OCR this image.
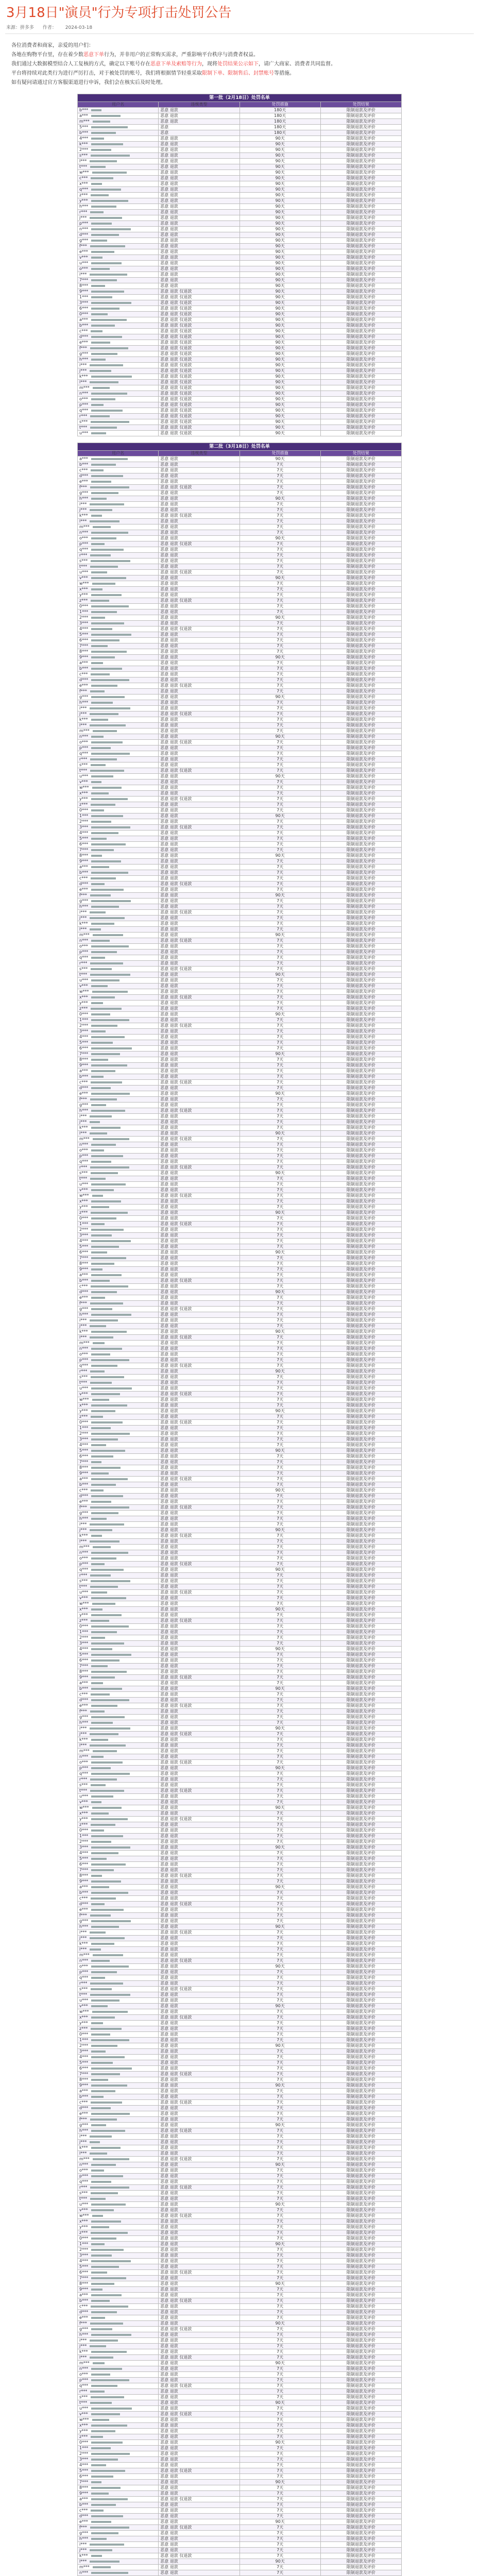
3月18日"演员"行为专项打击处罚公告
来源：拼多多 作者： 2024-03-18

各位消费者和商家，亲爱的用户们：

各地在购物平台里，存在着少数恶意下单行为，并非用户的正常购买需求，严重影响平台秩序与消费者权益。

我们通过大数据模型结合人工复核的方式，确定以下账号存在恶意下单及索赔等行为，现将处罚结果公示如下，请广大商家、消费者共同监督。

平台将持续对此类行为进行严厉打击，对于被处罚的账号，我们将根据情节轻重采取限制下单、限制售后、封禁账号等措施。

如有疑问请通过官方客服渠道进行申诉，我们会在核实后及时处理。

第一批（2月18日）处罚名单			
用户名	违规类型	处罚措施	处罚结果
b***	恶意 退款	180天	限制退款及评价
a***	恶意 退款	180天	限制退款及评价
m***	恶意 退款	180天	限制退款及评价
5***	恶意	180天	限制退款及评价
b***	恶意	180天	限制退款及评价
4***	恶意 退款	90天	限制退款及评价
k***	恶意 退款	90天	限制退款及评价
2***	恶意 退款	90天	限制退款及评价
s***	恶意 退款	90天	限制退款及评价
l***	恶意 退款	90天	限制退款及评价
t***	恶意 退款	90天	限制退款及评价
w***	恶意 退款	90天	限制退款及评价
c***	恶意 退款	90天	限制退款及评价
x***	恶意 退款	90天	限制退款及评价
q***	恶意 退款	90天	限制退款及评价
z***	恶意 退款	90天	限制退款及评价
y***	恶意 退款	90天	限制退款及评价
h***	恶意 退款	90天	限制退款及评价
r***	恶意 退款	90天	限制退款及评价
j***	恶意 退款	90天	限制退款及评价
p***	恶意 退款	90天	限制退款及评价
n***	恶意 退款	90天	限制退款及评价
d***	恶意 退款	90天	限制退款及评价
g***	恶意 退款	90天	限制退款及评价
f***	恶意 退款	90天	限制退款及评价
e***	恶意 退款	90天	限制退款及评价
v***	恶意 退款	90天	限制退款及评价
u***	恶意 退款	90天	限制退款及评价
o***	恶意 退款	90天	限制退款及评价
i***	恶意 退款	90天	限制退款及评价
7***	恶意 退款	90天	限制退款及评价
8***	恶意 退款	90天	限制退款及评价
9***	恶意 退款 仅退款	90天	限制退款及评价
1***	恶意 退款 仅退款	90天	限制退款及评价
3***	恶意 退款 仅退款	90天	限制退款及评价
6***	恶意 退款 仅退款	90天	限制退款及评价
0***	恶意 退款 仅退款	90天	限制退款及评价
a***	恶意 退款 仅退款	90天	限制退款及评价
b***	恶意 退款 仅退款	90天	限制退款及评价
c***	恶意 退款 仅退款	90天	限制退款及评价
d***	恶意 退款 仅退款	90天	限制退款及评价
e***	恶意 退款 仅退款	90天	限制退款及评价
f***	恶意 退款 仅退款	90天	限制退款及评价
g***	恶意 退款 仅退款	90天	限制退款及评价
h***	恶意 退款 仅退款	90天	限制退款及评价
i***	恶意 退款 仅退款	90天	限制退款及评价
j***	恶意 退款 仅退款	90天	限制退款及评价
k***	恶意 退款 仅退款	90天	限制退款及评价
l***	恶意 退款 仅退款	90天	限制退款及评价
m***	恶意 退款 仅退款	90天	限制退款及评价
n***	恶意 退款 仅退款	90天	限制退款及评价
o***	恶意 退款 仅退款	90天	限制退款及评价
p***	恶意 退款 仅退款	90天	限制退款及评价
q***	恶意 退款 仅退款	90天	限制退款及评价
r***	恶意 退款 仅退款	90天	限制退款及评价
s***	恶意 退款 仅退款	90天	限制退款及评价
t***	恶意 退款 仅退款	90天	限制退款及评价
u***	恶意 退款 仅退款	90天	限制退款及评价
第二批（3月18日）处罚名单			
用户名	违规类型	处罚措施	处罚结果
a***	恶意 退款	90天	限制退款及评价
b***	恶意 退款	7天	限制退款及评价
c***	恶意 退款	7天	限制退款及评价
d***	恶意 退款	7天	限制退款及评价
e***	恶意 退款	7天	限制退款及评价
f***	恶意 退款 仅退款	7天	限制退款及评价
g***	恶意 退款	7天	限制退款及评价
h***	恶意 退款	90天	限制退款及评价
i***	恶意 退款	7天	限制退款及评价
j***	恶意 退款	7天	限制退款及评价
k***	恶意 退款 仅退款	7天	限制退款及评价
l***	恶意 退款	7天	限制退款及评价
m***	恶意 退款	7天	限制退款及评价
n***	恶意 退款	7天	限制退款及评价
o***	恶意 退款	90天	限制退款及评价
p***	恶意 退款 仅退款	7天	限制退款及评价
q***	恶意 退款	7天	限制退款及评价
r***	恶意 退款	7天	限制退款及评价
s***	恶意 退款	7天	限制退款及评价
t***	恶意 退款	7天	限制退款及评价
u***	恶意 退款 仅退款	7天	限制退款及评价
v***	恶意 退款	90天	限制退款及评价
w***	恶意 退款	7天	限制退款及评价
x***	恶意 退款	7天	限制退款及评价
y***	恶意 退款	7天	限制退款及评价
z***	恶意 退款 仅退款	7天	限制退款及评价
0***	恶意 退款	7天	限制退款及评价
1***	恶意 退款	7天	限制退款及评价
2***	恶意 退款	90天	限制退款及评价
3***	恶意 退款	7天	限制退款及评价
4***	恶意 退款 仅退款	7天	限制退款及评价
5***	恶意 退款	7天	限制退款及评价
6***	恶意 退款	7天	限制退款及评价
7***	恶意 退款	7天	限制退款及评价
8***	恶意 退款	7天	限制退款及评价
9***	恶意 退款	90天	限制退款及评价
a***	恶意 退款	7天	限制退款及评价
b***	恶意 退款	7天	限制退款及评价
c***	恶意 退款	7天	限制退款及评价
d***	恶意 退款	7天	限制退款及评价
e***	恶意 退款 仅退款	7天	限制退款及评价
f***	恶意 退款	7天	限制退款及评价
g***	恶意 退款	90天	限制退款及评价
h***	恶意 退款	7天	限制退款及评价
i***	恶意 退款	7天	限制退款及评价
j***	恶意 退款 仅退款	7天	限制退款及评价
k***	恶意 退款	7天	限制退款及评价
l***	恶意 退款	7天	限制退款及评价
m***	恶意 退款	7天	限制退款及评价
n***	恶意 退款	90天	限制退款及评价
o***	恶意 退款 仅退款	7天	限制退款及评价
p***	恶意 退款	7天	限制退款及评价
q***	恶意 退款	7天	限制退款及评价
r***	恶意 退款	7天	限制退款及评价
s***	恶意 退款	7天	限制退款及评价
t***	恶意 退款 仅退款	7天	限制退款及评价
u***	恶意 退款	90天	限制退款及评价
v***	恶意 退款	7天	限制退款及评价
w***	恶意 退款	7天	限制退款及评价
x***	恶意 退款	7天	限制退款及评价
y***	恶意 退款 仅退款	7天	限制退款及评价
z***	恶意 退款	7天	限制退款及评价
0***	恶意 退款	7天	限制退款及评价
1***	恶意 退款	90天	限制退款及评价
2***	恶意 退款	7天	限制退款及评价
3***	恶意 退款 仅退款	7天	限制退款及评价
4***	恶意 退款	7天	限制退款及评价
5***	恶意 退款	7天	限制退款及评价
6***	恶意 退款	7天	限制退款及评价
7***	恶意 退款	7天	限制退款及评价
8***	恶意 退款	90天	限制退款及评价
9***	恶意 退款	7天	限制退款及评价
a***	恶意 退款	7天	限制退款及评价
b***	恶意 退款	7天	限制退款及评价
c***	恶意 退款	7天	限制退款及评价
d***	恶意 退款 仅退款	7天	限制退款及评价
e***	恶意 退款	7天	限制退款及评价
f***	恶意 退款	90天	限制退款及评价
g***	恶意 退款	7天	限制退款及评价
h***	恶意 退款	7天	限制退款及评价
i***	恶意 退款 仅退款	7天	限制退款及评价
j***	恶意 退款	7天	限制退款及评价
k***	恶意 退款	7天	限制退款及评价
l***	恶意 退款	7天	限制退款及评价
m***	恶意 退款	90天	限制退款及评价
n***	恶意 退款 仅退款	7天	限制退款及评价
o***	恶意 退款	7天	限制退款及评价
p***	恶意 退款	7天	限制退款及评价
q***	恶意 退款	7天	限制退款及评价
r***	恶意 退款	7天	限制退款及评价
s***	恶意 退款 仅退款	7天	限制退款及评价
t***	恶意 退款	90天	限制退款及评价
u***	恶意 退款	7天	限制退款及评价
v***	恶意 退款	7天	限制退款及评价
w***	恶意 退款	7天	限制退款及评价
x***	恶意 退款 仅退款	7天	限制退款及评价
y***	恶意 退款	7天	限制退款及评价
z***	恶意 退款	7天	限制退款及评价
0***	恶意 退款	90天	限制退款及评价
1***	恶意 退款	7天	限制退款及评价
2***	恶意 退款 仅退款	7天	限制退款及评价
3***	恶意 退款	7天	限制退款及评价
4***	恶意 退款	7天	限制退款及评价
5***	恶意 退款	7天	限制退款及评价
6***	恶意 退款	7天	限制退款及评价
7***	恶意 退款	90天	限制退款及评价
8***	恶意 退款	7天	限制退款及评价
9***	恶意 退款	7天	限制退款及评价
a***	恶意 退款	7天	限制退款及评价
b***	恶意 退款	7天	限制退款及评价
c***	恶意 退款 仅退款	7天	限制退款及评价
d***	恶意 退款	7天	限制退款及评价
e***	恶意 退款	90天	限制退款及评价
f***	恶意 退款	7天	限制退款及评价
g***	恶意 退款	7天	限制退款及评价
h***	恶意 退款 仅退款	7天	限制退款及评价
i***	恶意 退款	7天	限制退款及评价
j***	恶意 退款	7天	限制退款及评价
k***	恶意 退款	7天	限制退款及评价
l***	恶意 退款	90天	限制退款及评价
m***	恶意 退款 仅退款	7天	限制退款及评价
n***	恶意 退款	7天	限制退款及评价
o***	恶意 退款	7天	限制退款及评价
p***	恶意 退款	7天	限制退款及评价
q***	恶意 退款	7天	限制退款及评价
r***	恶意 退款 仅退款	7天	限制退款及评价
s***	恶意 退款	90天	限制退款及评价
t***	恶意 退款	7天	限制退款及评价
u***	恶意 退款	7天	限制退款及评价
v***	恶意 退款	7天	限制退款及评价
w***	恶意 退款 仅退款	7天	限制退款及评价
x***	恶意 退款	7天	限制退款及评价
y***	恶意 退款	7天	限制退款及评价
z***	恶意 退款	90天	限制退款及评价
0***	恶意 退款	7天	限制退款及评价
1***	恶意 退款 仅退款	7天	限制退款及评价
2***	恶意 退款	7天	限制退款及评价
3***	恶意 退款	7天	限制退款及评价
4***	恶意 退款	7天	限制退款及评价
5***	恶意 退款	7天	限制退款及评价
6***	恶意 退款	90天	限制退款及评价
7***	恶意 退款	7天	限制退款及评价
8***	恶意 退款	7天	限制退款及评价
9***	恶意 退款	7天	限制退款及评价
a***	恶意 退款	7天	限制退款及评价
b***	恶意 退款 仅退款	7天	限制退款及评价
c***	恶意 退款	7天	限制退款及评价
d***	恶意 退款	90天	限制退款及评价
e***	恶意 退款	7天	限制退款及评价
f***	恶意 退款	7天	限制退款及评价
g***	恶意 退款 仅退款	7天	限制退款及评价
h***	恶意 退款	7天	限制退款及评价
i***	恶意 退款	7天	限制退款及评价
j***	恶意 退款	7天	限制退款及评价
k***	恶意 退款	90天	限制退款及评价
l***	恶意 退款 仅退款	7天	限制退款及评价
m***	恶意 退款	7天	限制退款及评价
n***	恶意 退款	7天	限制退款及评价
o***	恶意 退款	7天	限制退款及评价
p***	恶意 退款	7天	限制退款及评价
q***	恶意 退款 仅退款	7天	限制退款及评价
r***	恶意 退款	90天	限制退款及评价
s***	恶意 退款	7天	限制退款及评价
t***	恶意 退款	7天	限制退款及评价
u***	恶意 退款	7天	限制退款及评价
v***	恶意 退款 仅退款	7天	限制退款及评价
w***	恶意 退款	7天	限制退款及评价
x***	恶意 退款	7天	限制退款及评价
y***	恶意 退款	90天	限制退款及评价
z***	恶意 退款	7天	限制退款及评价
0***	恶意 退款 仅退款	7天	限制退款及评价
1***	恶意 退款	7天	限制退款及评价
2***	恶意 退款	7天	限制退款及评价
3***	恶意 退款	7天	限制退款及评价
4***	恶意 退款	7天	限制退款及评价
5***	恶意 退款	90天	限制退款及评价
6***	恶意 退款	7天	限制退款及评价
7***	恶意 退款	7天	限制退款及评价
8***	恶意 退款	7天	限制退款及评价
9***	恶意 退款	7天	限制退款及评价
a***	恶意 退款 仅退款	7天	限制退款及评价
b***	恶意 退款	7天	限制退款及评价
c***	恶意 退款	90天	限制退款及评价
d***	恶意 退款	7天	限制退款及评价
e***	恶意 退款	7天	限制退款及评价
f***	恶意 退款 仅退款	7天	限制退款及评价
g***	恶意 退款	7天	限制退款及评价
h***	恶意 退款	7天	限制退款及评价
i***	恶意 退款	7天	限制退款及评价
j***	恶意 退款	90天	限制退款及评价
k***	恶意 退款 仅退款	7天	限制退款及评价
l***	恶意 退款	7天	限制退款及评价
m***	恶意 退款	7天	限制退款及评价
n***	恶意 退款	7天	限制退款及评价
o***	恶意 退款	7天	限制退款及评价
p***	恶意 退款 仅退款	7天	限制退款及评价
q***	恶意 退款	90天	限制退款及评价
r***	恶意 退款	7天	限制退款及评价
s***	恶意 退款	7天	限制退款及评价
t***	恶意 退款	7天	限制退款及评价
u***	恶意 退款 仅退款	7天	限制退款及评价
v***	恶意 退款	7天	限制退款及评价
w***	恶意 退款	7天	限制退款及评价
x***	恶意 退款	90天	限制退款及评价
y***	恶意 退款	7天	限制退款及评价
z***	恶意 退款 仅退款	7天	限制退款及评价
0***	恶意 退款	7天	限制退款及评价
1***	恶意 退款	7天	限制退款及评价
2***	恶意 退款	7天	限制退款及评价
3***	恶意 退款	7天	限制退款及评价
4***	恶意 退款	90天	限制退款及评价
5***	恶意 退款	7天	限制退款及评价
6***	恶意 退款	7天	限制退款及评价
7***	恶意 退款	7天	限制退款及评价
8***	恶意 退款	7天	限制退款及评价
9***	恶意 退款 仅退款	7天	限制退款及评价
a***	恶意 退款	7天	限制退款及评价
b***	恶意 退款	90天	限制退款及评价
c***	恶意 退款	7天	限制退款及评价
d***	恶意 退款	7天	限制退款及评价
e***	恶意 退款 仅退款	7天	限制退款及评价
f***	恶意 退款	7天	限制退款及评价
g***	恶意 退款	7天	限制退款及评价
h***	恶意 退款	7天	限制退款及评价
i***	恶意 退款	90天	限制退款及评价
j***	恶意 退款 仅退款	7天	限制退款及评价
k***	恶意 退款	7天	限制退款及评价
l***	恶意 退款	7天	限制退款及评价
m***	恶意 退款	7天	限制退款及评价
n***	恶意 退款	7天	限制退款及评价
o***	恶意 退款 仅退款	7天	限制退款及评价
p***	恶意 退款	90天	限制退款及评价
q***	恶意 退款	7天	限制退款及评价
r***	恶意 退款	7天	限制退款及评价
s***	恶意 退款	7天	限制退款及评价
t***	恶意 退款 仅退款	7天	限制退款及评价
u***	恶意 退款	7天	限制退款及评价
v***	恶意 退款	7天	限制退款及评价
w***	恶意 退款	90天	限制退款及评价
x***	恶意 退款	7天	限制退款及评价
y***	恶意 退款 仅退款	7天	限制退款及评价
z***	恶意 退款	7天	限制退款及评价
0***	恶意 退款	7天	限制退款及评价
1***	恶意 退款	7天	限制退款及评价
2***	恶意 退款	7天	限制退款及评价
3***	恶意 退款	90天	限制退款及评价
4***	恶意 退款	7天	限制退款及评价
5***	恶意 退款	7天	限制退款及评价
6***	恶意 退款	7天	限制退款及评价
7***	恶意 退款	7天	限制退款及评价
8***	恶意 退款 仅退款	7天	限制退款及评价
9***	恶意 退款	7天	限制退款及评价
a***	恶意 退款	90天	限制退款及评价
b***	恶意 退款	7天	限制退款及评价
c***	恶意 退款	7天	限制退款及评价
d***	恶意 退款 仅退款	7天	限制退款及评价
e***	恶意 退款	7天	限制退款及评价
f***	恶意 退款	7天	限制退款及评价
g***	恶意 退款	7天	限制退款及评价
h***	恶意 退款	90天	限制退款及评价
i***	恶意 退款 仅退款	7天	限制退款及评价
j***	恶意 退款	7天	限制退款及评价
k***	恶意 退款	7天	限制退款及评价
l***	恶意 退款	7天	限制退款及评价
m***	恶意 退款	7天	限制退款及评价
n***	恶意 退款 仅退款	7天	限制退款及评价
o***	恶意 退款	90天	限制退款及评价
p***	恶意 退款	7天	限制退款及评价
q***	恶意 退款	7天	限制退款及评价
r***	恶意 退款	7天	限制退款及评价
s***	恶意 退款 仅退款	7天	限制退款及评价
t***	恶意 退款	7天	限制退款及评价
u***	恶意 退款	7天	限制退款及评价
v***	恶意 退款	90天	限制退款及评价
w***	恶意 退款	7天	限制退款及评价
x***	恶意 退款 仅退款	7天	限制退款及评价
y***	恶意 退款	7天	限制退款及评价
z***	恶意 退款	7天	限制退款及评价
0***	恶意 退款	7天	限制退款及评价
1***	恶意 退款	7天	限制退款及评价
2***	恶意 退款	90天	限制退款及评价
3***	恶意 退款	7天	限制退款及评价
4***	恶意 退款	7天	限制退款及评价
5***	恶意 退款	7天	限制退款及评价
6***	恶意 退款	7天	限制退款及评价
7***	恶意 退款 仅退款	7天	限制退款及评价
8***	恶意 退款	7天	限制退款及评价
9***	恶意 退款	90天	限制退款及评价
a***	恶意 退款	7天	限制退款及评价
b***	恶意 退款	7天	限制退款及评价
c***	恶意 退款 仅退款	7天	限制退款及评价
d***	恶意 退款	7天	限制退款及评价
e***	恶意 退款	7天	限制退款及评价
f***	恶意 退款	7天	限制退款及评价
g***	恶意 退款	90天	限制退款及评价
h***	恶意 退款 仅退款	7天	限制退款及评价
i***	恶意 退款	7天	限制退款及评价
j***	恶意 退款	7天	限制退款及评价
k***	恶意 退款	7天	限制退款及评价
l***	恶意 退款	7天	限制退款及评价
m***	恶意 退款 仅退款	7天	限制退款及评价
n***	恶意 退款	90天	限制退款及评价
o***	恶意 退款	7天	限制退款及评价
p***	恶意 退款	7天	限制退款及评价
q***	恶意 退款	7天	限制退款及评价
r***	恶意 退款 仅退款	7天	限制退款及评价
s***	恶意 退款	7天	限制退款及评价
t***	恶意 退款	7天	限制退款及评价
u***	恶意 退款	90天	限制退款及评价
v***	恶意 退款	7天	限制退款及评价
w***	恶意 退款 仅退款	7天	限制退款及评价
x***	恶意 退款	7天	限制退款及评价
y***	恶意 退款	7天	限制退款及评价
z***	恶意 退款	7天	限制退款及评价
0***	恶意 退款	7天	限制退款及评价
1***	恶意 退款	90天	限制退款及评价
2***	恶意 退款	7天	限制退款及评价
3***	恶意 退款	7天	限制退款及评价
4***	恶意 退款	7天	限制退款及评价
5***	恶意 退款	7天	限制退款及评价
6***	恶意 退款 仅退款	7天	限制退款及评价
7***	恶意 退款	7天	限制退款及评价
8***	恶意 退款	90天	限制退款及评价
9***	恶意 退款	7天	限制退款及评价
a***	恶意 退款	7天	限制退款及评价
b***	恶意 退款 仅退款	7天	限制退款及评价
c***	恶意 退款	7天	限制退款及评价
d***	恶意 退款	7天	限制退款及评价
e***	恶意 退款	7天	限制退款及评价
f***	恶意 退款	90天	限制退款及评价
g***	恶意 退款 仅退款	7天	限制退款及评价
h***	恶意 退款	7天	限制退款及评价
i***	恶意 退款	7天	限制退款及评价
j***	恶意 退款	7天	限制退款及评价
k***	恶意 退款	7天	限制退款及评价
l***	恶意 退款 仅退款	7天	限制退款及评价
m***	恶意 退款	90天	限制退款及评价
n***	恶意 退款	7天	限制退款及评价
o***	恶意 退款	7天	限制退款及评价
p***	恶意 退款	7天	限制退款及评价
q***	恶意 退款 仅退款	7天	限制退款及评价
r***	恶意 退款	7天	限制退款及评价
s***	恶意 退款	7天	限制退款及评价
t***	恶意 退款	90天	限制退款及评价
u***	恶意 退款	7天	限制退款及评价
v***	恶意 退款 仅退款	7天	限制退款及评价
w***	恶意 退款	7天	限制退款及评价
x***	恶意 退款	7天	限制退款及评价
y***	恶意 退款	7天	限制退款及评价
z***	恶意 退款	7天	限制退款及评价
0***	恶意 退款	90天	限制退款及评价
1***	恶意 退款	7天	限制退款及评价
2***	恶意 退款	7天	限制退款及评价
3***	恶意 退款	7天	限制退款及评价
4***	恶意 退款	7天	限制退款及评价
5***	恶意 退款 仅退款	7天	限制退款及评价
6***	恶意 退款	7天	限制退款及评价
7***	恶意 退款	90天	限制退款及评价
8***	恶意 退款	7天	限制退款及评价
9***	恶意 退款	7天	限制退款及评价
a***	恶意 退款 仅退款	7天	限制退款及评价
b***	恶意 退款	7天	限制退款及评价
c***	恶意 退款	7天	限制退款及评价
d***	恶意 退款	7天	限制退款及评价
e***	恶意 退款	90天	限制退款及评价
f***	恶意 退款 仅退款	7天	限制退款及评价
g***	恶意 退款	7天	限制退款及评价
h***	恶意 退款	7天	限制退款及评价
i***	恶意 退款	7天	限制退款及评价
j***	恶意 退款	7天	限制退款及评价
k***	恶意 退款 仅退款	7天	限制退款及评价
l***	恶意 退款	90天	限制退款及评价
m***	恶意 退款	7天	限制退款及评价
n***	恶意 退款	7天	限制退款及评价
